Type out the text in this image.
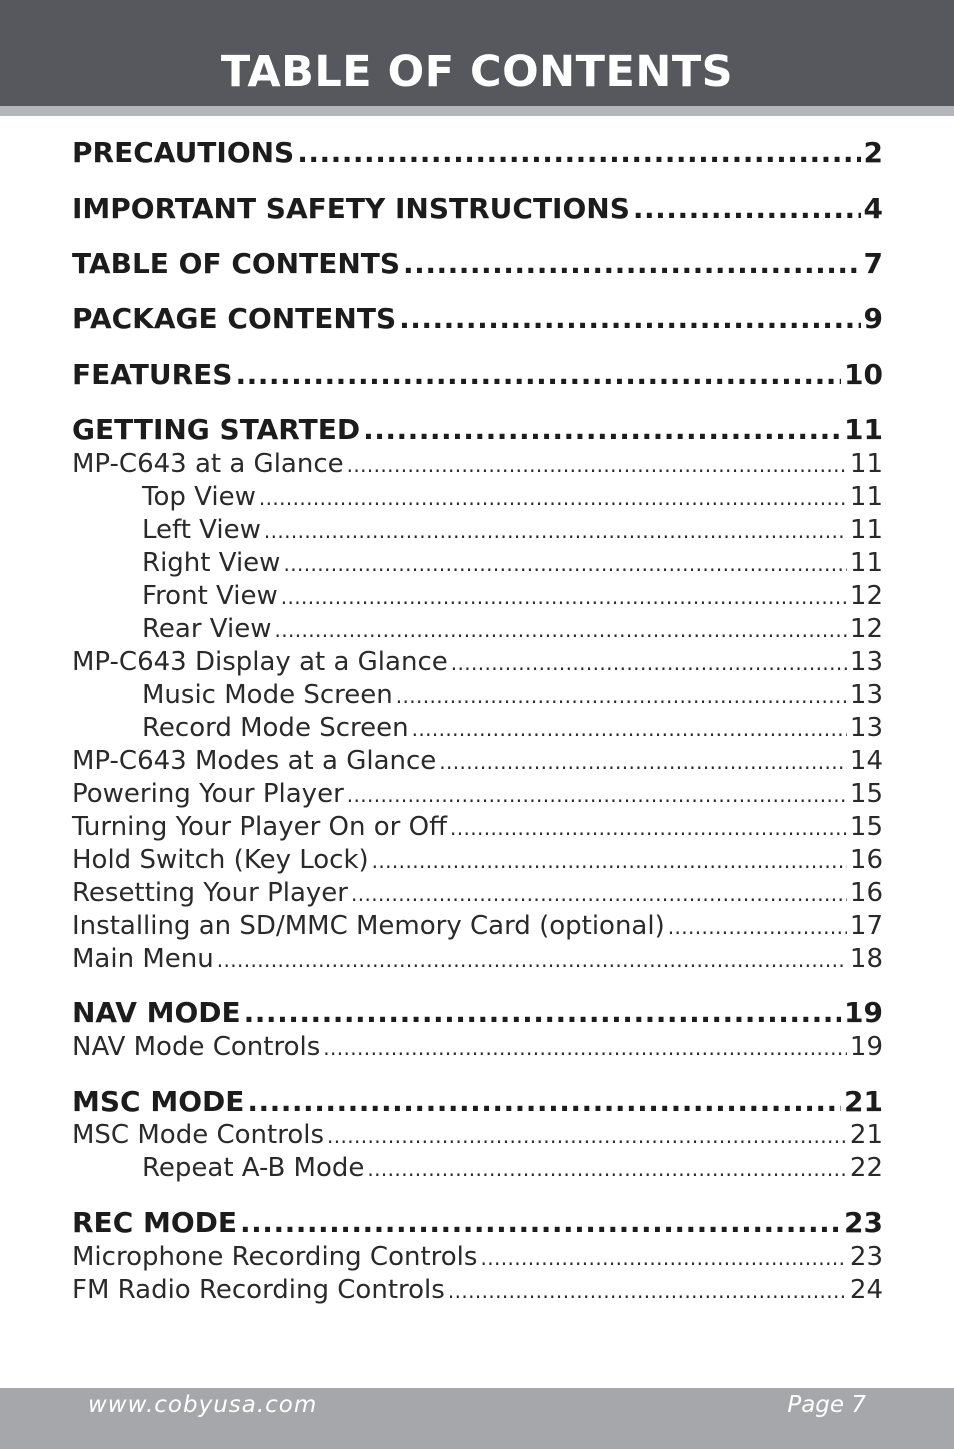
TABLE OF CONTENTS
PRECAUTIONS .....	2
IMPORTANT SAFETY INSTRUCTIONS .....	4
TABLE OF CONTENTS .....	7
PACKAGE CONTENTS .....	9
FEATURES .....	10
GETTING STARTED .....	11
MP-C643 at a Glance .....	11
Top View .....	11
Left View .....	11
Right View .....	11
Front View .....	12
Rear View .....	12
MP-C643 Display at a Glance .....	13
Music Mode Screen .....	13
Record Mode Screen .....	13
MP-C643 Modes at a Glance .....	14
Powering Your Player .....	15
Turning Your Player On or Off .....	15
Hold Switch (Key Lock) .....	16
Resetting Your Player .....	16
Installing an SD/MMC Memory Card (optional) .....	17
Main Menu .....	18
NAV MODE .....	19
NAV Mode Controls .....	19
MSC MODE .....	21
MSC Mode Controls .....	21
Repeat A-B Mode .....	22
REC MODE .....	23
Microphone Recording Controls .....	23
FM Radio Recording Controls .....	24
www.cobyusa.com	Page 7
